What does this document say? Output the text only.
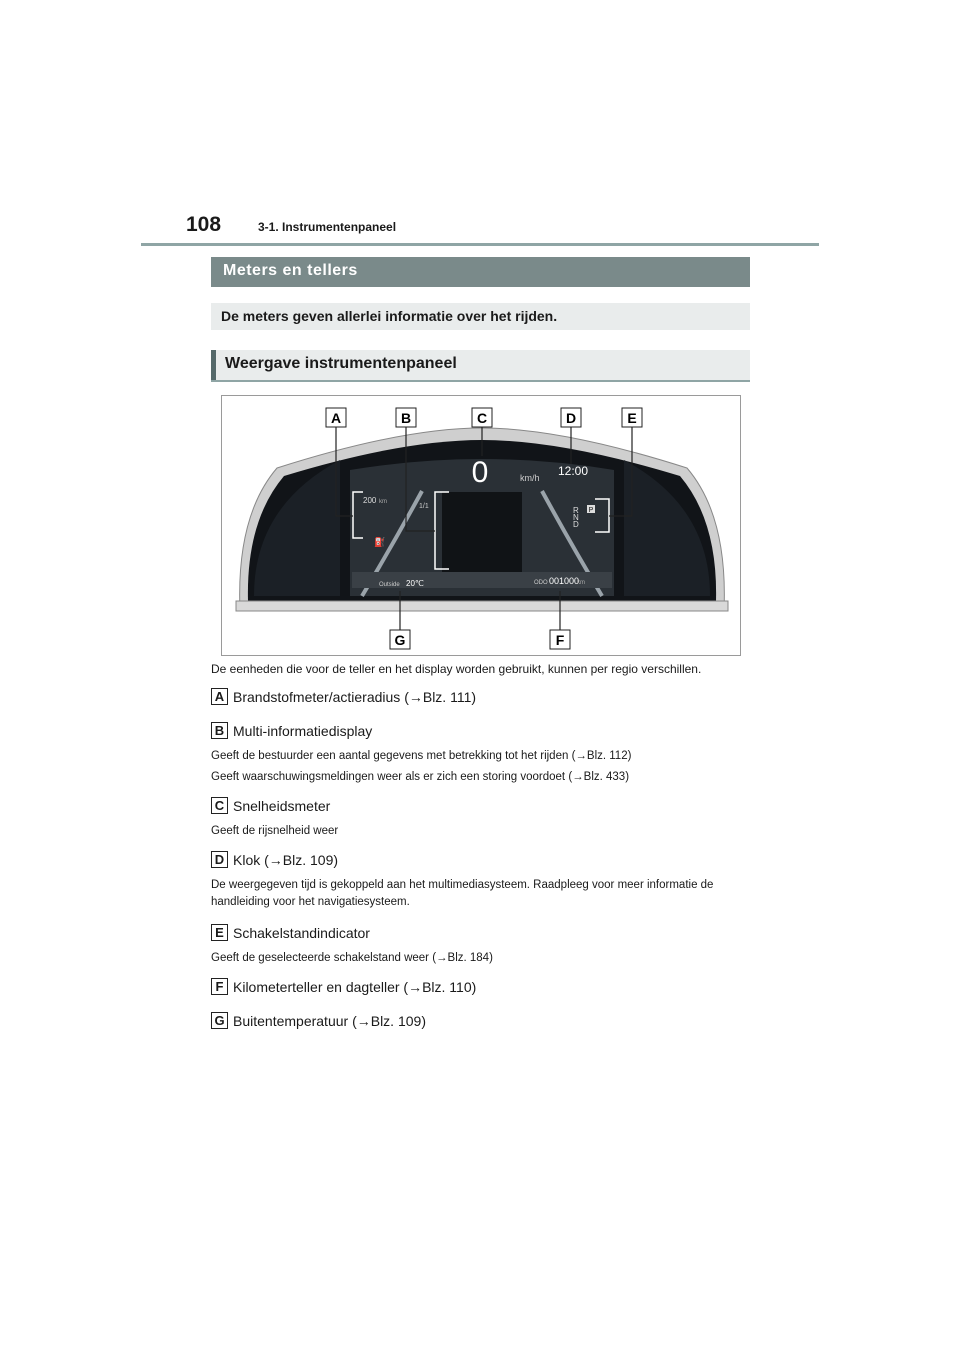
108	3-1. Instrumentenpaneel
Meters en tellers
De meters geven allerlei informatie over het rijden.
Weergave instrumentenpaneel
0	km/h 12:00
200 km
1/1
⛽
R
N
D
P
Outside 20℃	ODO 001000
km
A	B	C	D	E
G	F
De eenheden die voor de teller en het display worden gebruikt, kunnen per regio verschillen.
A Brandstofmeter/actieradius (→Blz. 111)
B Multi-informatiedisplay
Geeft de bestuurder een aantal gegevens met betrekking tot het rijden (→Blz. 112)
Geeft waarschuwingsmeldingen weer als er zich een storing voordoet (→Blz. 433)
C Snelheidsmeter
Geeft de rijsnelheid weer
D Klok (→Blz. 109)
De weergegeven tijd is gekoppeld aan het multimediasysteem. Raadpleeg voor meer informatie de handleiding voor het navigatiesysteem.
E Schakelstandindicator
Geeft de geselecteerde schakelstand weer (→Blz. 184)
F Kilometerteller en dagteller (→Blz. 110)
G Buitentemperatuur (→Blz. 109)
